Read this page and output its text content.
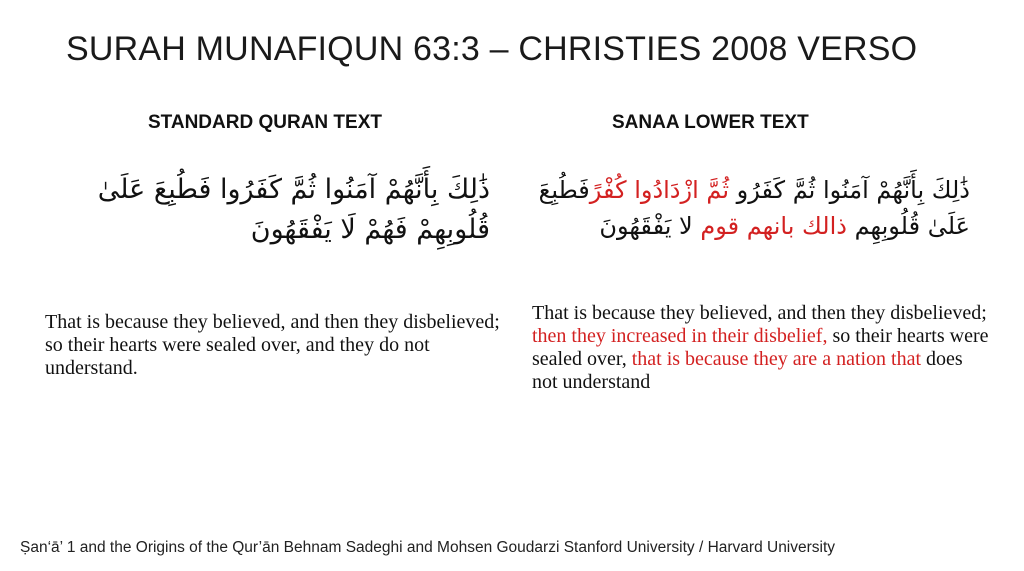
SURAH MUNAFIQUN 63:3 – CHRISTIES 2008 VERSO
STANDARD QURAN TEXT	SANAA LOWER TEXT
ذَٰلِكَ بِأَنَّهُمْ آمَنُوا ثُمَّ كَفَرُوا فَطُبِعَ عَلَىٰ
قُلُوبِهِمْ فَهُمْ لَا يَفْقَهُونَ
ذَٰلِكَ بِأَنَّهُمْ آمَنُوا ثُمَّ كَفَرُو ثُمَّ ازْدَادُوا كُفْرًفَطُبِعَ
عَلَىٰ قُلُوبِهِم ذالك بانهم قوم لا يَفْقَهُونَ
That is because they believed, and then they disbelieved; so their hearts were sealed over, and they do not understand.
That is because they believed, and then they disbelieved; then they increased in their disbelief, so their hearts were sealed over, that is because they are a nation that does not understand
Ṣan‘ā’ 1 and the Origins of the Qur’ān Behnam Sadeghi and Mohsen Goudarzi Stanford University / Harvard University
